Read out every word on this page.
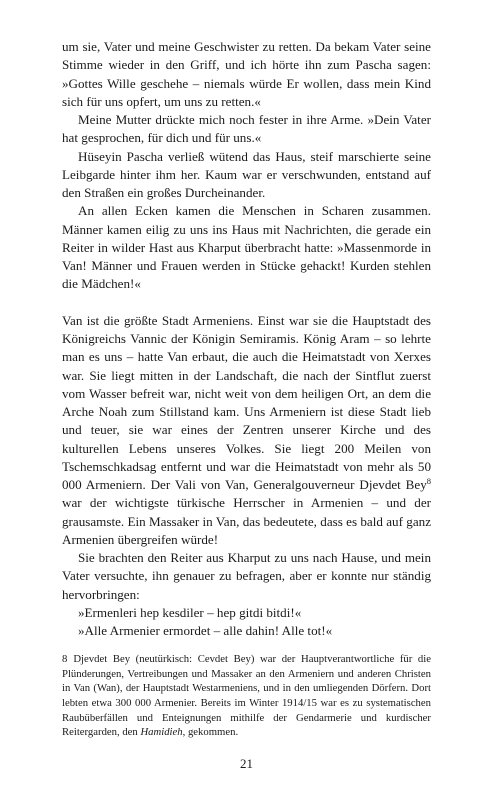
um sie, Vater und meine Geschwister zu retten. Da bekam Vater seine Stimme wieder in den Griff, und ich hörte ihn zum Pascha sagen: »Gottes Wille geschehe – niemals würde Er wollen, dass mein Kind sich für uns opfert, um uns zu retten.«

Meine Mutter drückte mich noch fester in ihre Arme. »Dein Vater hat gesprochen, für dich und für uns.«

Hüseyin Pascha verließ wütend das Haus, steif marschierte seine Leibgarde hinter ihm her. Kaum war er verschwunden, entstand auf den Straßen ein großes Durcheinander.

An allen Ecken kamen die Menschen in Scharen zusammen. Männer kamen eilig zu uns ins Haus mit Nachrichten, die gerade ein Reiter in wilder Hast aus Kharput überbracht hatte: »Massenmorde in Van! Männer und Frauen werden in Stücke gehackt! Kurden stehlen die Mädchen!«

Van ist die größte Stadt Armeniens. Einst war sie die Hauptstadt des Königreichs Vannic der Königin Semiramis. König Aram – so lehrte man es uns – hatte Van erbaut, die auch die Heimatstadt von Xerxes war. Sie liegt mitten in der Landschaft, die nach der Sintflut zuerst vom Wasser befreit war, nicht weit von dem heiligen Ort, an dem die Arche Noah zum Stillstand kam. Uns Armeniern ist diese Stadt lieb und teuer, sie war eines der Zentren unserer Kirche und des kulturellen Lebens unseres Volkes. Sie liegt 200 Meilen von Tschemschkadsag entfernt und war die Heimatstadt von mehr als 50 000 Armeniern. Der Vali von Van, Generalgouverneur Djevdet Bey$^8$ war der wichtigste türkische Herrscher in Armenien – und der grausamste. Ein Massaker in Van, das bedeutete, dass es bald auf ganz Armenien übergreifen würde!

Sie brachten den Reiter aus Kharput zu uns nach Hause, und mein Vater versuchte, ihn genauer zu befragen, aber er konnte nur ständig hervorbringen:

»Ermenleri hep kesdiler – hep gitdi bitdi!«

»Alle Armenier ermordet – alle dahin! Alle tot!«

8 Djevdet Bey (neutürkisch: Cevdet Bey) war der Hauptverantwortliche für die Plünderungen, Vertreibungen und Massaker an den Armeniern und anderen Christen in Van (Wan), der Hauptstadt Westarmeniens, und in den umliegenden Dörfern. Dort lebten etwa 300 000 Armenier. Bereits im Winter 1914/15 war es zu systematischen Raubüberfällen und Enteignungen mithilfe der Gendarmerie und kurdischer Reitergarden, den Hamidieh, gekommen.

21
